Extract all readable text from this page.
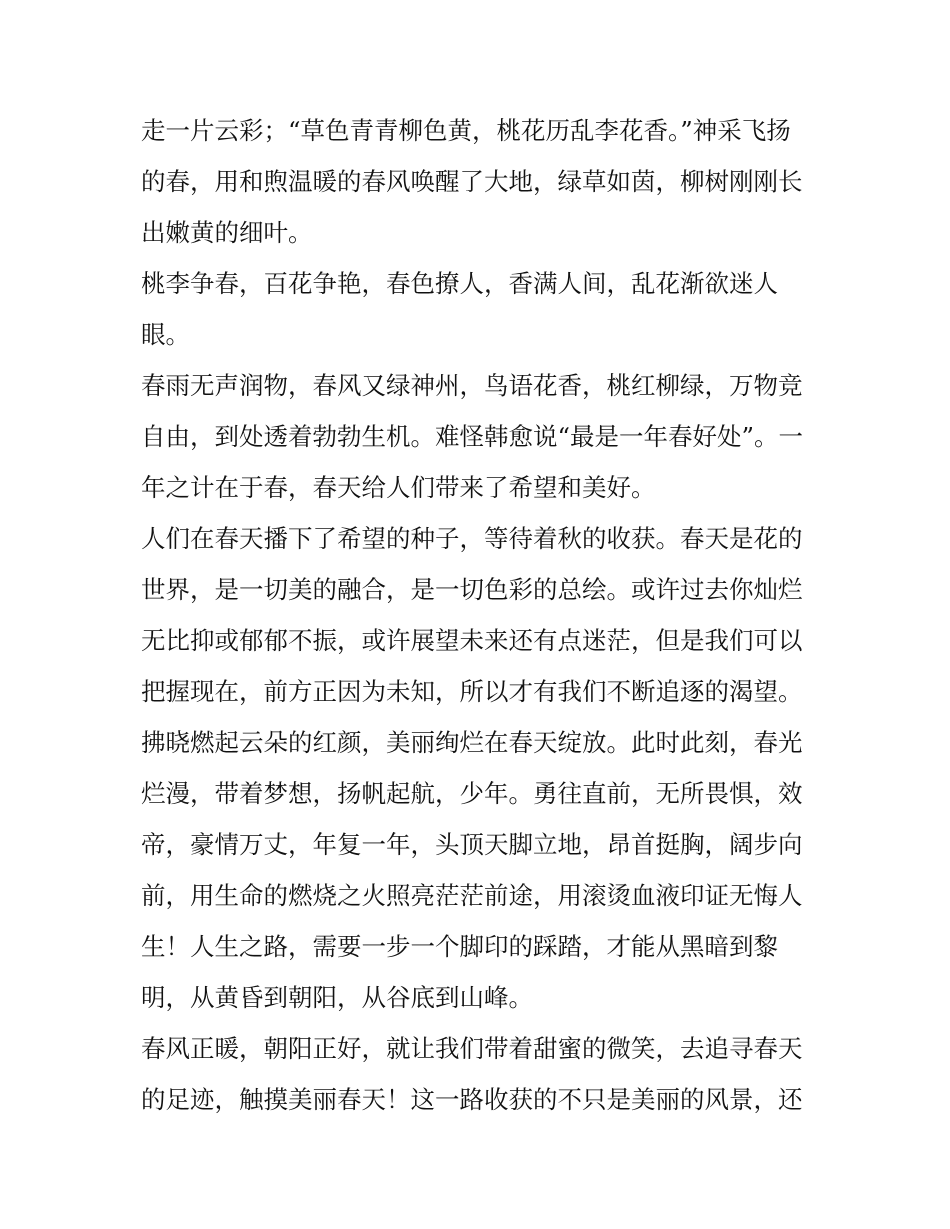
走一片云彩；“草色青青柳色黄，桃花历乱李花香。”神采飞扬
的春，用和煦温暖的春风唤醒了大地，绿草如茵，柳树刚刚长
出嫩黄的细叶。

桃李争春，百花争艳，春色撩人，香满人间，乱花渐欲迷人
眼。

春雨无声润物，春风又绿神州，鸟语花香，桃红柳绿，万物竞
自由，到处透着勃勃生机。难怪韩愈说“最是一年春好处”。一
年之计在于春，春天给人们带来了希望和美好。

人们在春天播下了希望的种子，等待着秋的收获。春天是花的
世界，是一切美的融合，是一切色彩的总绘。或许过去你灿烂
无比抑或郁郁不振，或许展望未来还有点迷茫，但是我们可以
把握现在，前方正因为未知，所以才有我们不断追逐的渴望。

拂晓燃起云朵的红颜，美丽绚烂在春天绽放。此时此刻，春光
烂漫，带着梦想，扬帆起航，少年。勇往直前，无所畏惧，效
帝，豪情万丈，年复一年，头顶天脚立地，昂首挺胸，阔步向
前，用生命的燃烧之火照亮茫茫前途，用滚烫血液印证无悔人
生！人生之路，需要一步一个脚印的踩踏，才能从黑暗到黎
明，从黄昏到朝阳，从谷底到山峰。

春风正暖，朝阳正好，就让我们带着甜蜜的微笑，去追寻春天
的足迹，触摸美丽春天！这一路收获的不只是美丽的风景，还
